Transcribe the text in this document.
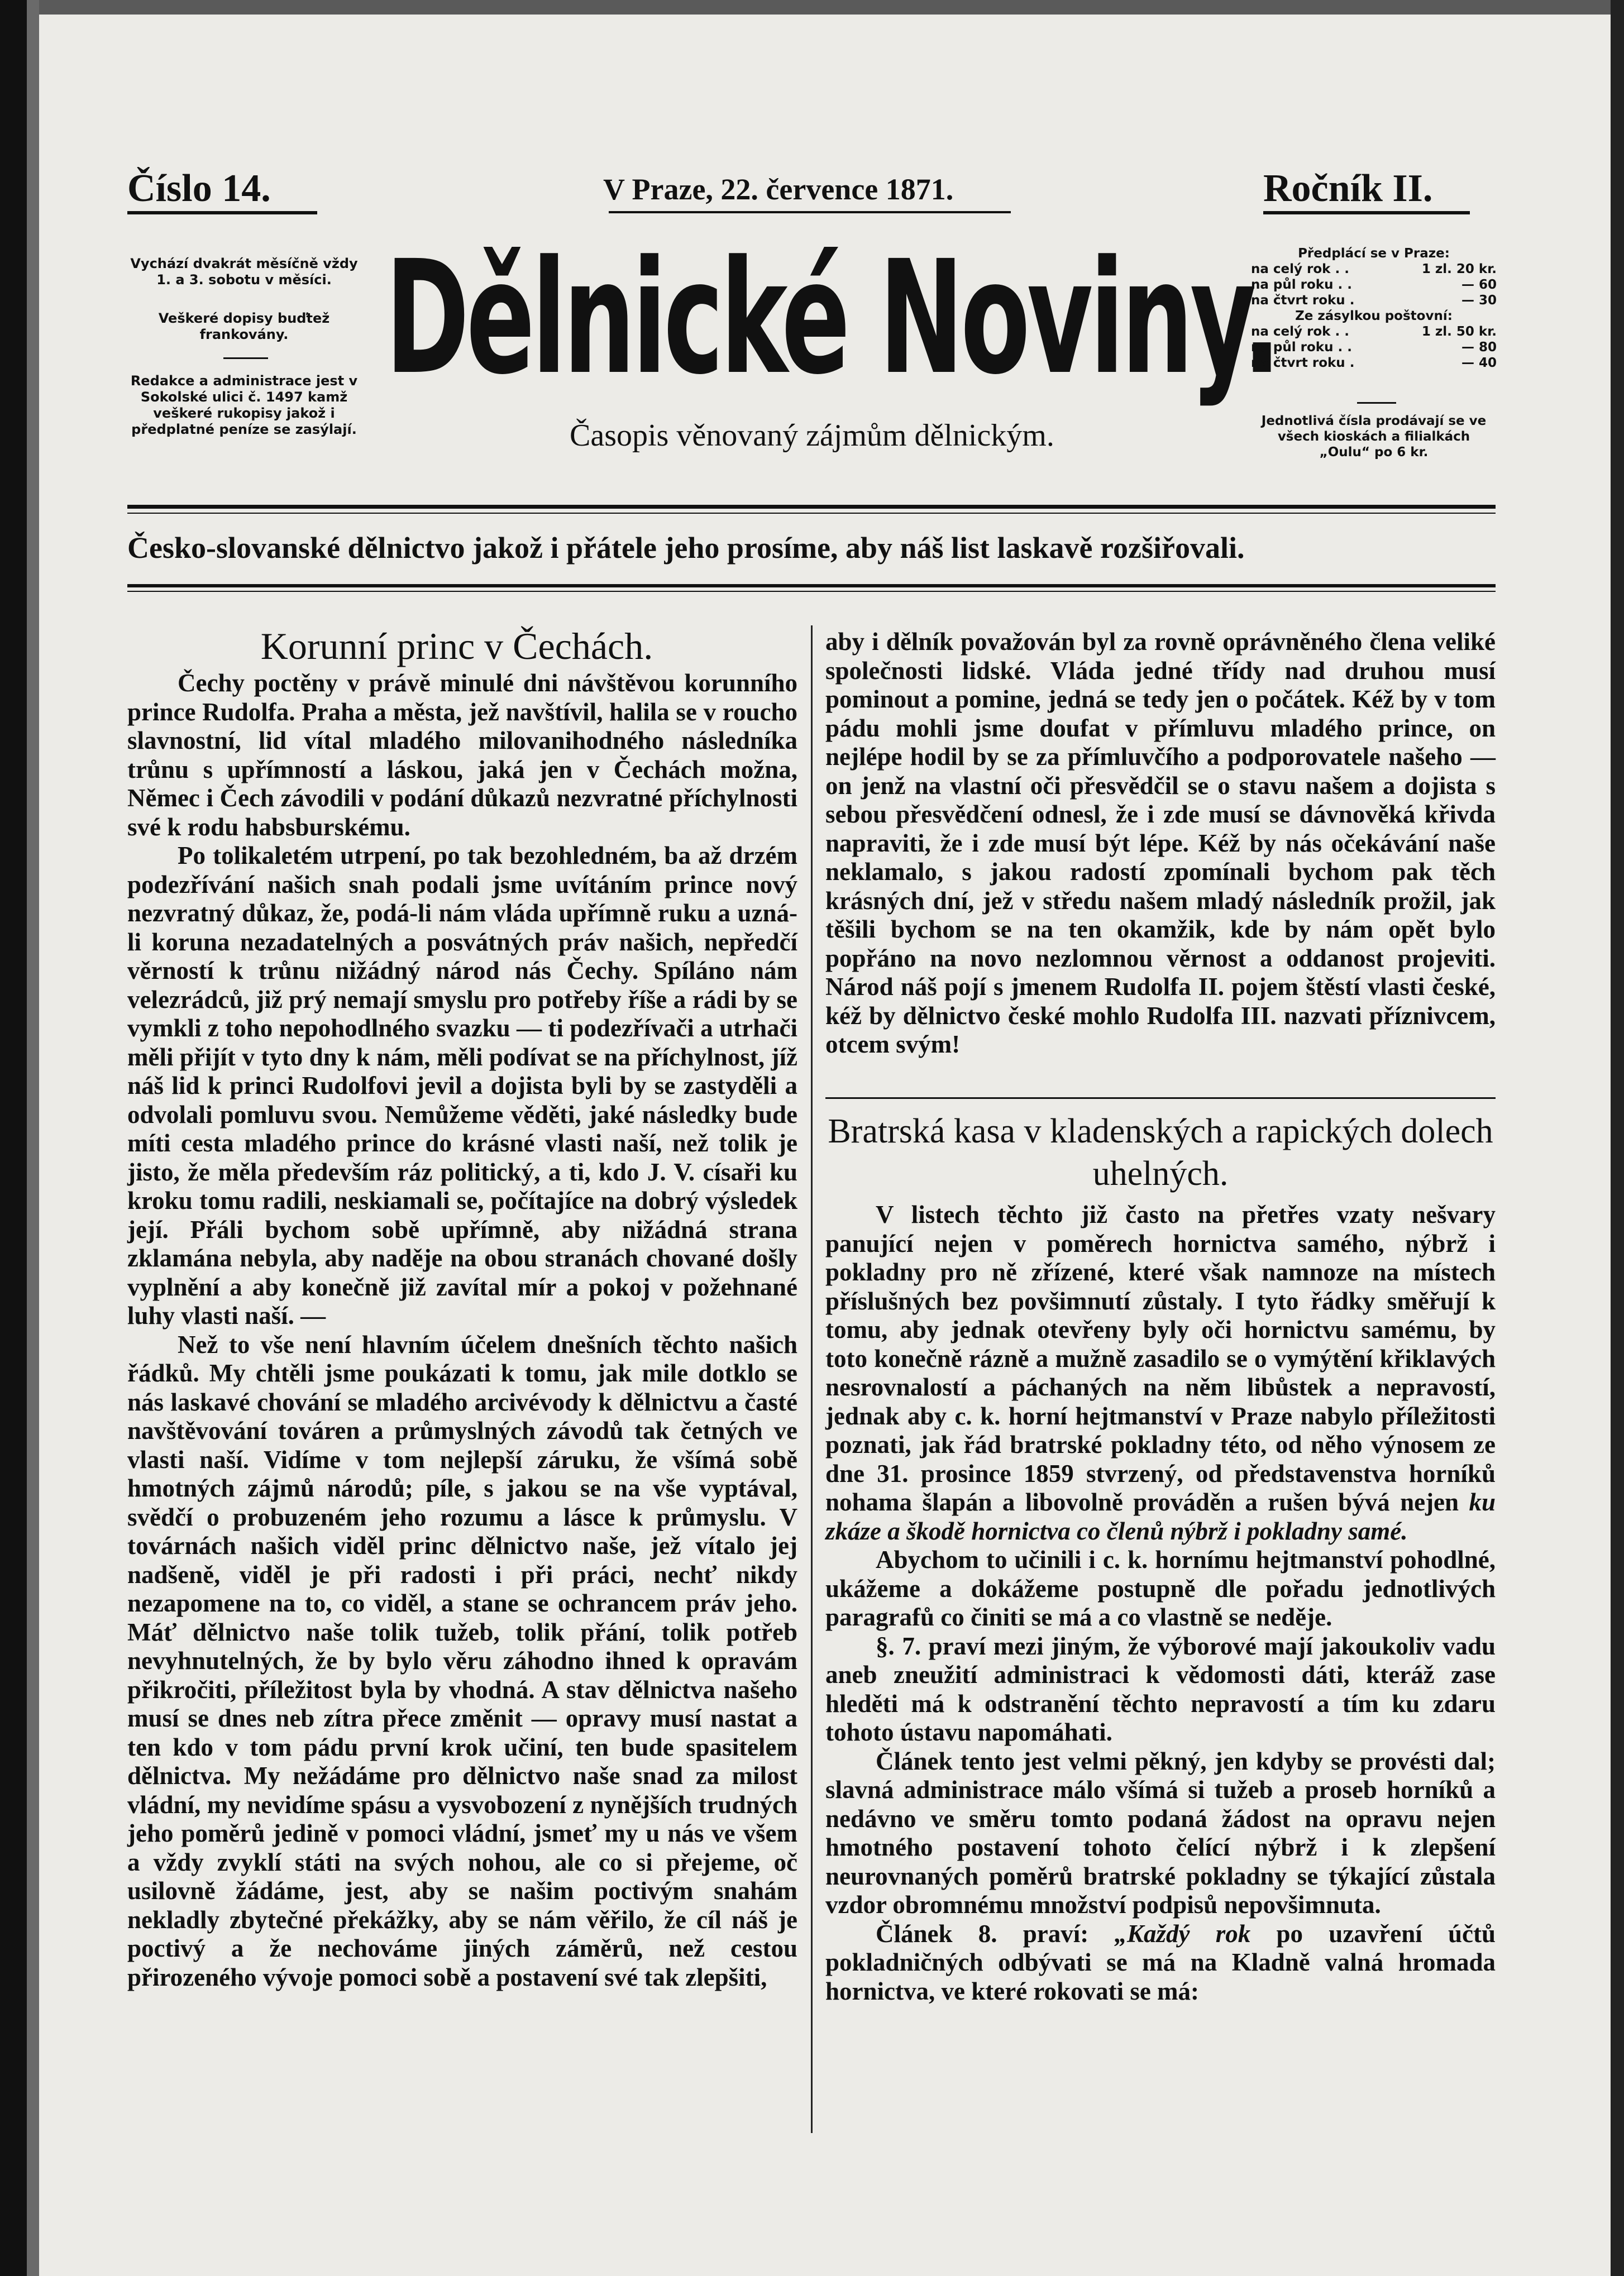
Číslo 14.	V Praze, 22. července 1871.	Ročník II.
Vychází dvakrát měsíčně vždy 1. a 3. sobotu v měsíci.
Veškeré dopisy buďtež frankovány.
Redakce a administrace jest v Sokolské ulici č. 1497 kamž veškeré rukopisy jakož i předplatné peníze se zasýlají.
Dělnické Noviny.
Časopis věnovaný zájmům dělnickým.
Předplácí se v Praze:
na celý rok . .	1 zl. 20 kr.
na půl roku . .	— 60
na čtvrt roku .	— 30
Ze zásylkou poštovní:
na celý rok . .	1 zl. 50 kr.
na půl roku . .	— 80
na čtvrt roku .	— 40
Jednotlivá čísla prodávají se ve všech kioskách a filialkách „Oulu“ po 6 kr.
Česko-slovanské dělnictvo jakož i přátele jeho prosíme, aby náš list laskavě rozšiřovali.
Korunní princ v Čechách.

Čechy poctěny v právě minulé dni návštěvou korunního prince Rudolfa. Praha a města, jež navštívil, halila se v roucho slavnostní, lid vítal mladého milovanihodného následníka trůnu s upřímností a láskou, jaká jen v Čechách možna, Němec i Čech závodili v podání důkazů nezvratné příchylnosti své k rodu habsburskému.

Po tolikaletém utrpení, po tak bezohledném, ba až drzém podezřívání našich snah podali jsme uvítáním prince nový nezvratný důkaz, že, podá-li nám vláda upřímně ruku a uzná-li koruna nezadatelných a posvátných práv našich, nepředčí věrností k trůnu nižádný národ nás Čechy. Spíláno nám velezrádců, již prý nemají smyslu pro potřeby říše a rádi by se vymkli z toho nepohodlného svazku — ti podezřívači a utrhači měli přijít v tyto dny k nám, měli podívat se na příchylnost, jíž náš lid k princi Rudolfovi jevil a dojista byli by se zastyděli a odvolali pomluvu svou. Nemůžeme věděti, jaké následky bude míti cesta mladého prince do krásné vlasti naší, než tolik je jisto, že měla především ráz politický, a ti, kdo J. V. císaři ku kroku tomu radili, neskiamali se, počítajíce na dobrý výsledek její. Přáli bychom sobě upřímně, aby nižádná strana zklamána nebyla, aby naděje na obou stranách chované došly vyplnění a aby konečně již zavítal mír a pokoj v požehnané luhy vlasti naší. —

Než to vše není hlavním účelem dnešních těchto našich řádků. My chtěli jsme poukázati k tomu, jak mile dotklo se nás laskavé chování se mladého arcivévody k dělnictvu a časté navštěvování továren a průmyslných závodů tak četných ve vlasti naší. Vidíme v tom nejlepší záruku, že všímá sobě hmotných zájmů národů; píle, s jakou se na vše vyptával, svědčí o probuzeném jeho rozumu a lásce k průmyslu. V továrnách našich viděl princ dělnictvo naše, jež vítalo jej nadšeně, viděl je při radosti i při práci, nechť nikdy nezapomene na to, co viděl, a stane se ochrancem práv jeho. Máť dělnictvo naše tolik tužeb, tolik přání, tolik potřeb nevyhnutelných, že by bylo věru záhodno ihned k opravám přikročiti, příležitost byla by vhodná. A stav dělnictva našeho musí se dnes neb zítra přece změnit — opravy musí nastat a ten kdo v tom pádu první krok učiní, ten bude spasitelem dělnictva. My nežádáme pro dělnictvo naše snad za milost vládní, my nevidíme spásu a vysvobození z nynějších trudných jeho poměrů jedině v pomoci vládní, jsmeť my u nás ve všem a vždy zvyklí státi na svých nohou, ale co si přejeme, oč usilovně žádáme, jest, aby se našim poctivým snahám nekladly zbytečné překážky, aby se nám věřilo, že cíl náš je poctivý a že nechováme jiných záměrů, než cestou přirozeného vývoje pomoci sobě a postavení své tak zlepšiti,

aby i dělník považován byl za rovně oprávněného člena veliké společnosti lidské. Vláda jedné třídy nad druhou musí pominout a pomine, jedná se tedy jen o počátek. Kéž by v tom pádu mohli jsme doufat v přímluvu mladého prince, on nejlépe hodil by se za přímluvčího a podporovatele našeho — on jenž na vlastní oči přesvědčil se o stavu našem a dojista s sebou přesvědčení odnesl, že i zde musí se dávnověká křivda napraviti, že i zde musí být lépe. Kéž by nás očekávání naše neklamalo, s jakou radostí zpomínali bychom pak těch krásných dní, jež v středu našem mladý následník prožil, jak těšili bychom se na ten okamžik, kde by nám opět bylo popřáno na novo nezlomnou věrnost a oddanost projeviti. Národ náš pojí s jmenem Rudolfa II. pojem štěstí vlasti české, kéž by dělnictvo české mohlo Rudolfa III. nazvati příznivcem, otcem svým!

Bratrská kasa v kladenských a rapických dolech uhelných.

V listech těchto již často na přetřes vzaty nešvary panující nejen v poměrech hornictva samého, nýbrž i pokladny pro ně zřízené, které však namnoze na místech příslušných bez povšimnutí zůstaly. I tyto řádky směřují k tomu, aby jednak otevřeny byly oči hornictvu samému, by toto konečně rázně a mužně zasadilo se o vymýtění křiklavých nesrovnalostí a páchaných na něm libůstek a nepravostí, jednak aby c. k. horní hejtmanství v Praze nabylo příležitosti poznati, jak řád bratrské pokladny této, od něho výnosem ze dne 31. prosince 1859 stvrzený, od představenstva horníků nohama šlapán a libovolně prováděn a rušen bývá nejen ku zkáze a škodě hornictva co členů nýbrž i pokladny samé.

Abychom to učinili i c. k. hornímu hejtmanství pohodlné, ukážeme a dokážeme postupně dle pořadu jednotlivých paragrafů co činiti se má a co vlastně se neděje.

§. 7. praví mezi jiným, že výborové mají jakoukoliv vadu aneb zneužití administraci k vědomosti dáti, kteráž zase hleděti má k odstranění těchto nepravostí a tím ku zdaru tohoto ústavu napomáhati.

Článek tento jest velmi pěkný, jen kdyby se provésti dal; slavná administrace málo všímá si tužeb a proseb horníků a nedávno ve směru tomto podaná žádost na opravu nejen hmotného postavení tohoto čelící nýbrž i k zlepšení neurovnaných poměrů bratrské pokladny se týkající zůstala vzdor obromnému množství podpisů nepovšimnuta.

Článek 8. praví: „Každý rok po uzavření účtů pokladničných odbývati se má na Kladně valná hromada hornictva, ve které rokovati se má:
